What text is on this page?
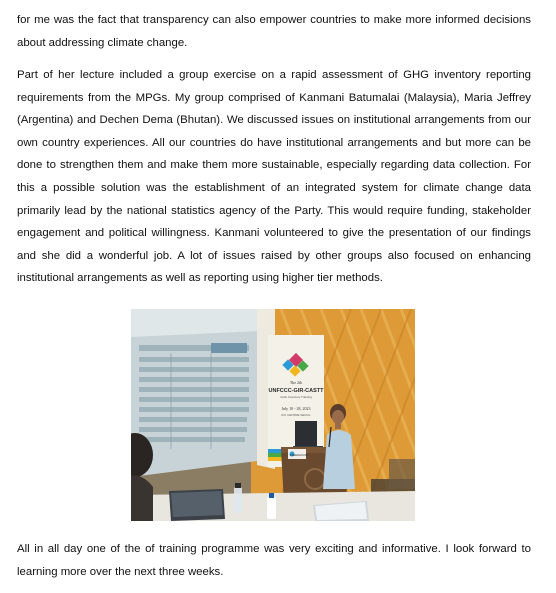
for me was the fact that transparency can also empower countries to make more informed decisions about addressing climate change.

Part of her lecture included a group exercise on a rapid assessment of GHG inventory reporting requirements from the MPGs. My group comprised of Kanmani Batumalai (Malaysia), Maria Jeffrey (Argentina) and Dechen Dema (Bhutan). We discussed issues on institutional arrangements from our own country experiences. All our countries do have institutional arrangements and but more can be done to strengthen them and make them more sustainable, especially regarding data collection. For this a possible solution was the establishment of an integrated system for climate change data primarily lead by the national statistics agency of the Party. This would require funding, stakeholder engagement and political willingness. Kanmani volunteered to give the presentation of our findings and she did a wonderful job. A lot of issues raised by other groups also focused on enhancing institutional arrangements as well as reporting using higher tier methods.

The 2th
UNFCCC-GIR-CASTT
GHG Inventory Training
July 10 - 28, 2023
IFC CENTRE SEOUL
GREENHOUSE

All in all day one of the of training programme was very exciting and informative. I look forward to learning more over the next three weeks.
